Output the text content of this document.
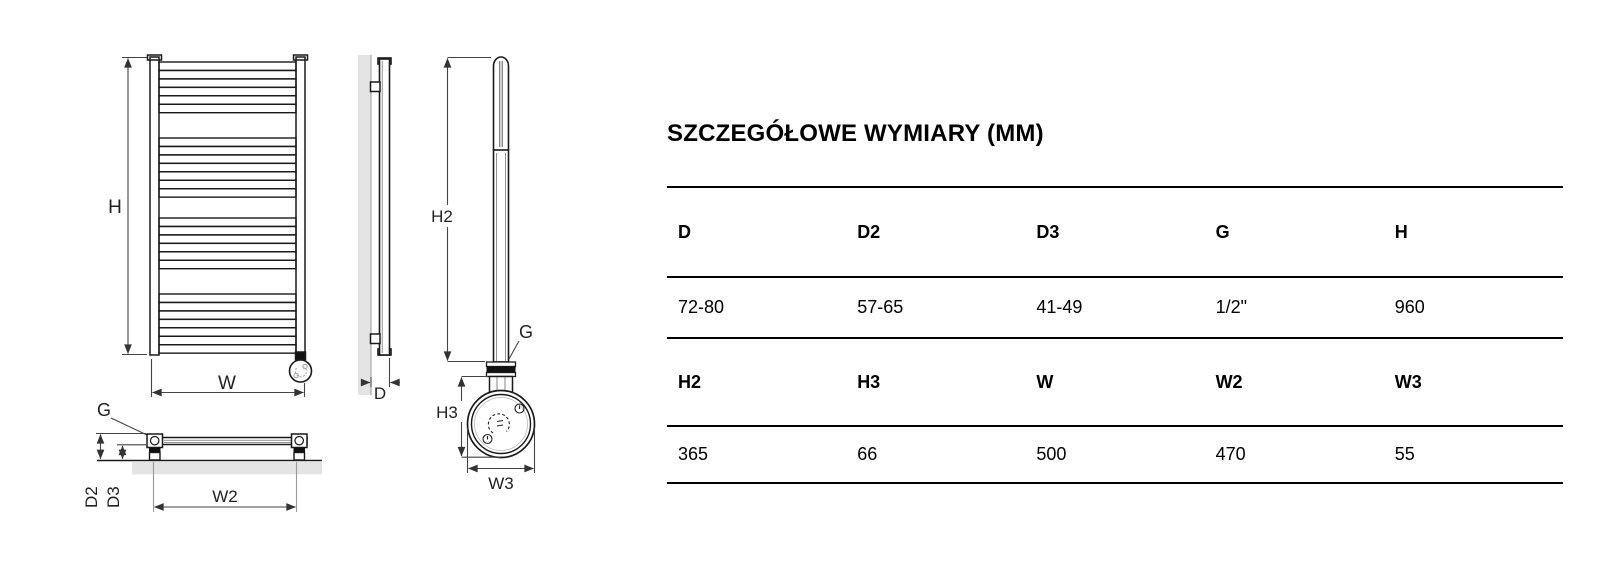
H
W	D
G
H2
H3
W3
G
D2 D3	W2
SZCZEGÓŁOWE WYMIARY (MM)
D	D2	D3	G	H
72-80	57-65	41-49	1/2"	960
H2	H3	W	W2	W3
365	66	500	470	55
